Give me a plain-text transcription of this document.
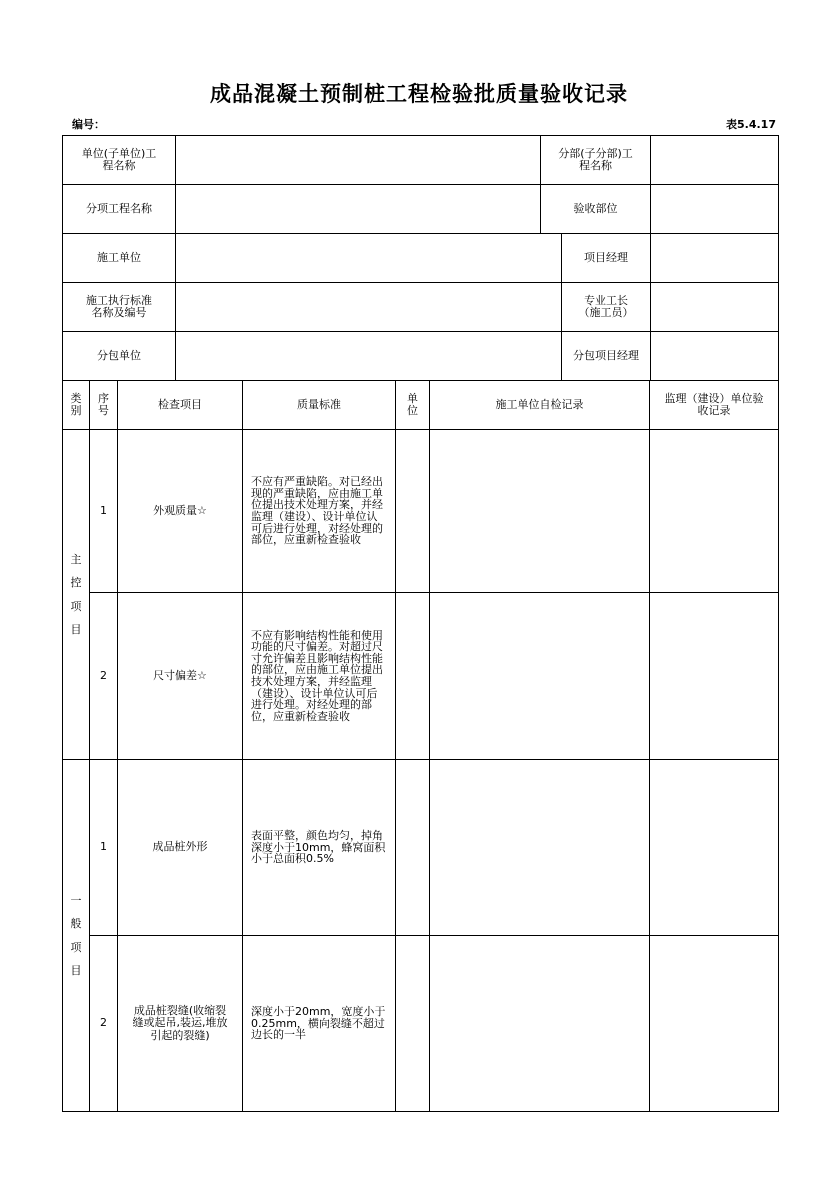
成品混凝土预制桩工程检验批质量验收记录
编号：	表5.4.17
单位(子单位)工程名称		分部(子分部)工程名称		

分项工程名称		验收部位		

施工单位			项目经理	

施工执行标准名称及编号			专业工长（施工员）	

分包单位			分包项目经理	
类别	序号	检查项目	质量标准	单位	施工单位自检记录	监理（建设）单位验收记录
主控项目	1	外观质量☆	不应有严重缺陷。对已经出现的严重缺陷，应由施工单位提出技术处理方案，并经监理（建设）、设计单位认可后进行处理，对经处理的部位，应重新检查验收	

	2	尺寸偏差☆	不应有影响结构性能和使用功能的尺寸偏差。对超过尺寸允许偏差且影响结构性能的部位，应由施工单位提出技术处理方案，并经监理（建设）、设计单位认可后进行处理。对经处理的部位，应重新检查验收	

一般项目	1	成品桩外形	表面平整，颜色均匀，掉角深度小于10mm，蜂窝面积小于总面积0.5%	

	2	成品桩裂缝(收缩裂缝或起吊,装运,堆放引起的裂缝)	深度小于20mm，宽度小于0.25mm，横向裂缝不超过边长的一半	
